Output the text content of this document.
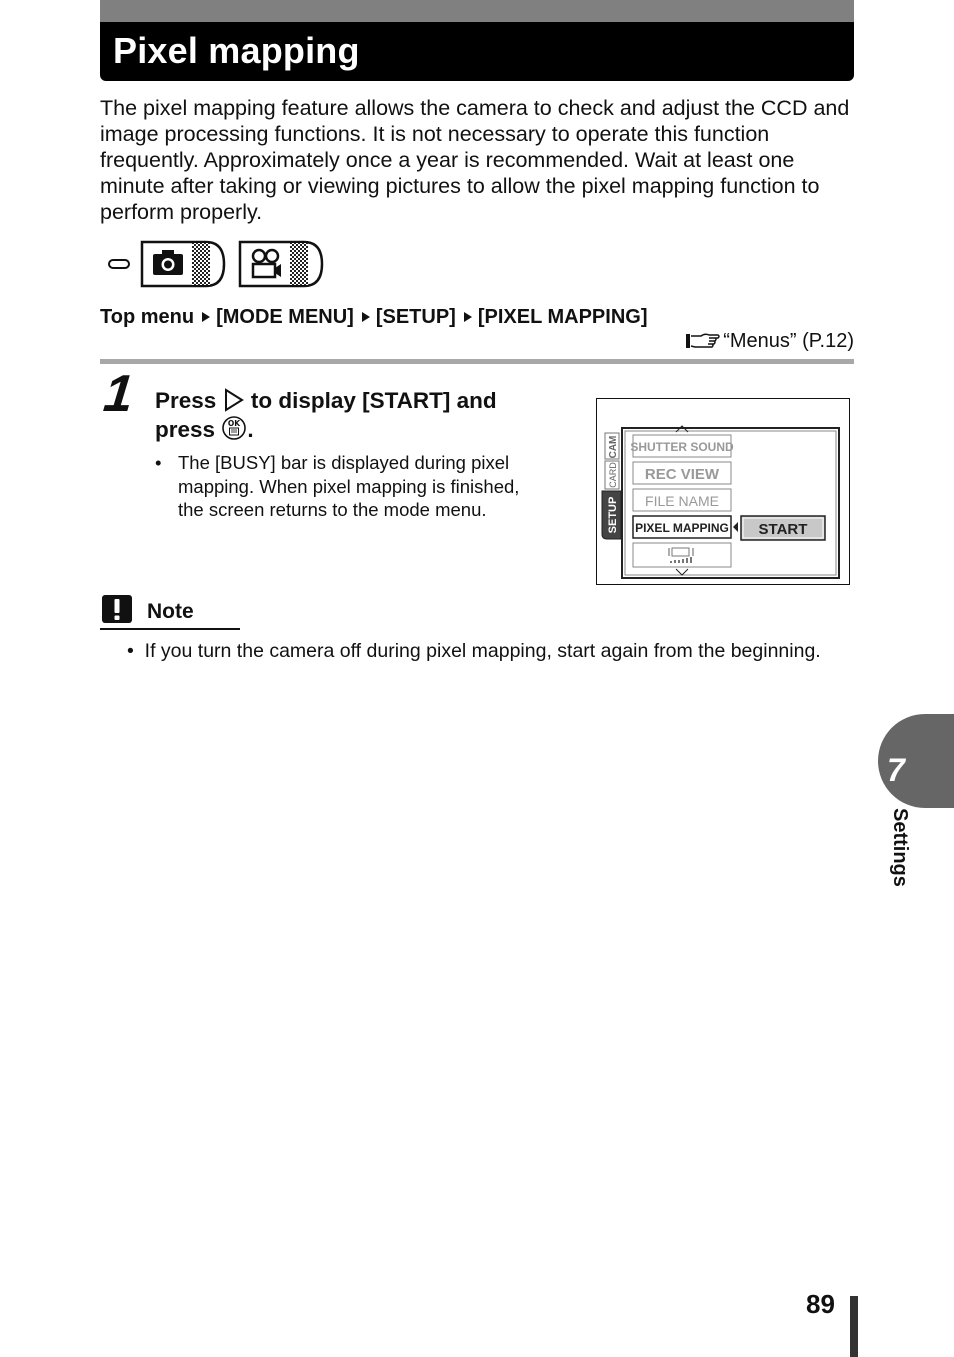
Pixel mapping
The pixel mapping feature allows the camera to check and adjust the CCD and image processing functions. It is not necessary to operate this function frequently. Approximately once a year is recommended. Wait at least one minute after taking or viewing pictures to allow the pixel mapping function to perform properly.
Top menu [MODE MENU] [SETUP] [PIXEL MAPPING]
“Menus” (P.12)
1 Press to display [START] and
press OK .
• The [BUSY] bar is displayed during pixel mapping. When pixel mapping is finished, the screen returns to the mode menu.
CAM
CARD
SETUP
SHUTTER SOUND
REC VIEW
FILE NAME
PIXEL MAPPING START
Note
•  If you turn the camera off during pixel mapping, start again from the beginning.
7
Settings
89
